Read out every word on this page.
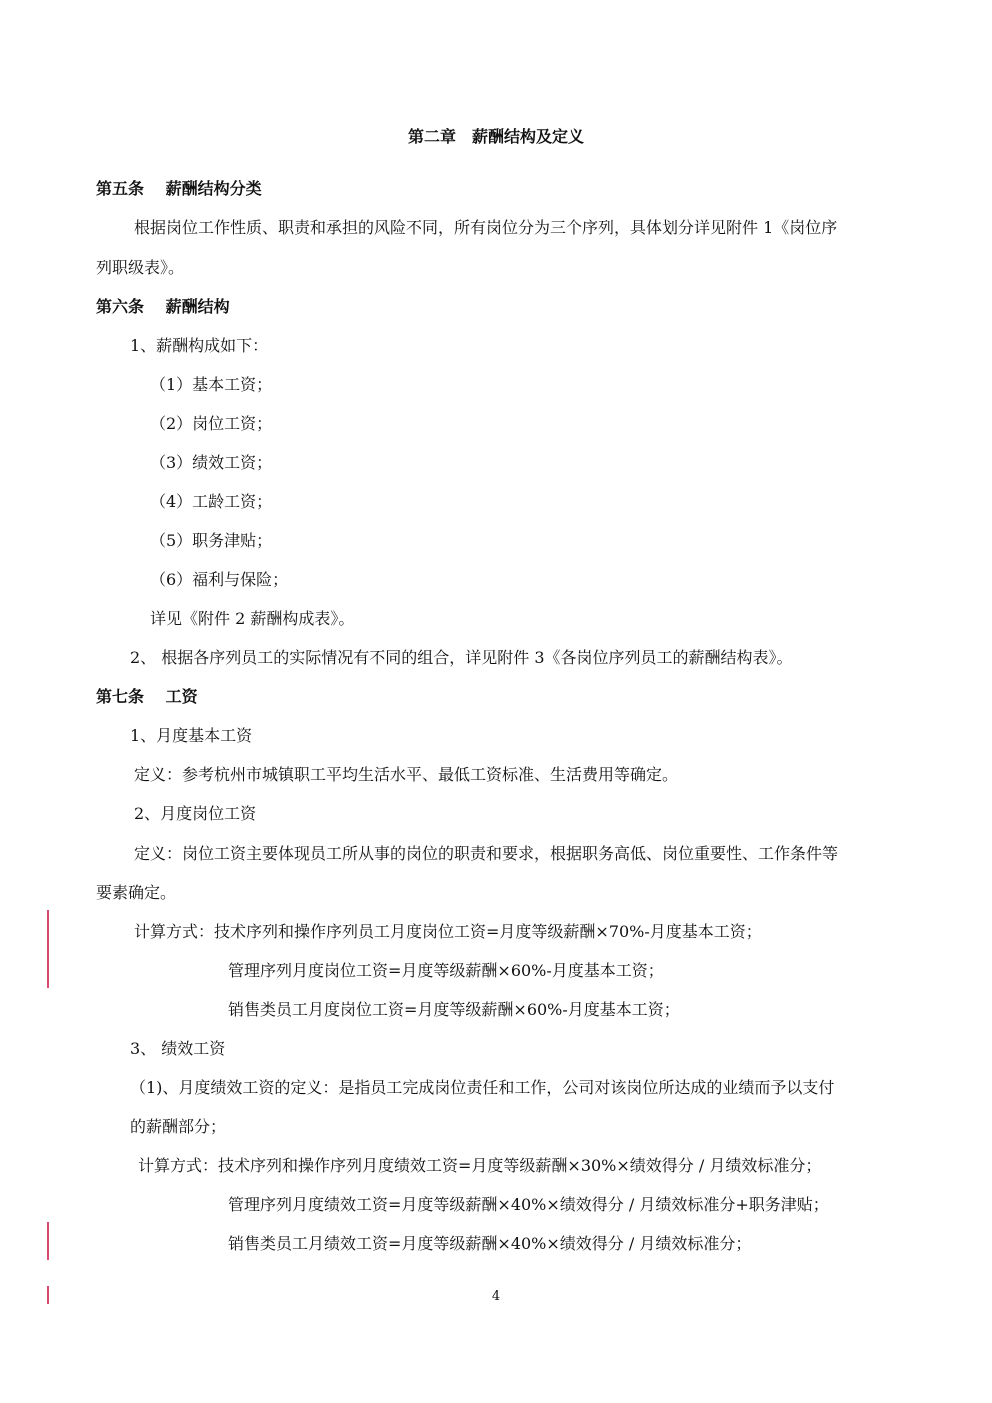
第二章　薪酬结构及定义
第五条　 薪酬结构分类
根据岗位工作性质、职责和承担的风险不同，所有岗位分为三个序列，具体划分详见附件 1《岗位序
列职级表》。
第六条　 薪酬结构
1、薪酬构成如下：
（1）基本工资；
（2）岗位工资；
（3）绩效工资；
（4）工龄工资；
（5）职务津贴；
（6）福利与保险；
详见《附件 2 薪酬构成表》。
2、 根据各序列员工的实际情况有不同的组合，详见附件 3《各岗位序列员工的薪酬结构表》。
第七条　 工资
1、月度基本工资
定义：参考杭州市城镇职工平均生活水平、最低工资标准、生活费用等确定。
2、月度岗位工资
定义：岗位工资主要体现员工所从事的岗位的职责和要求，根据职务高低、岗位重要性、工作条件等
要素确定。
计算方式：技术序列和操作序列员工月度岗位工资=月度等级薪酬×70%-月度基本工资；
管理序列月度岗位工资=月度等级薪酬×60%-月度基本工资；
销售类员工月度岗位工资=月度等级薪酬×60%-月度基本工资；
3、 绩效工资
（1)、月度绩效工资的定义：是指员工完成岗位责任和工作，公司对该岗位所达成的业绩而予以支付
的薪酬部分；
计算方式：技术序列和操作序列月度绩效工资=月度等级薪酬×30%×绩效得分 / 月绩效标准分；
管理序列月度绩效工资=月度等级薪酬×40%×绩效得分 / 月绩效标准分+职务津贴；
销售类员工月绩效工资=月度等级薪酬×40%×绩效得分 / 月绩效标准分；
4
